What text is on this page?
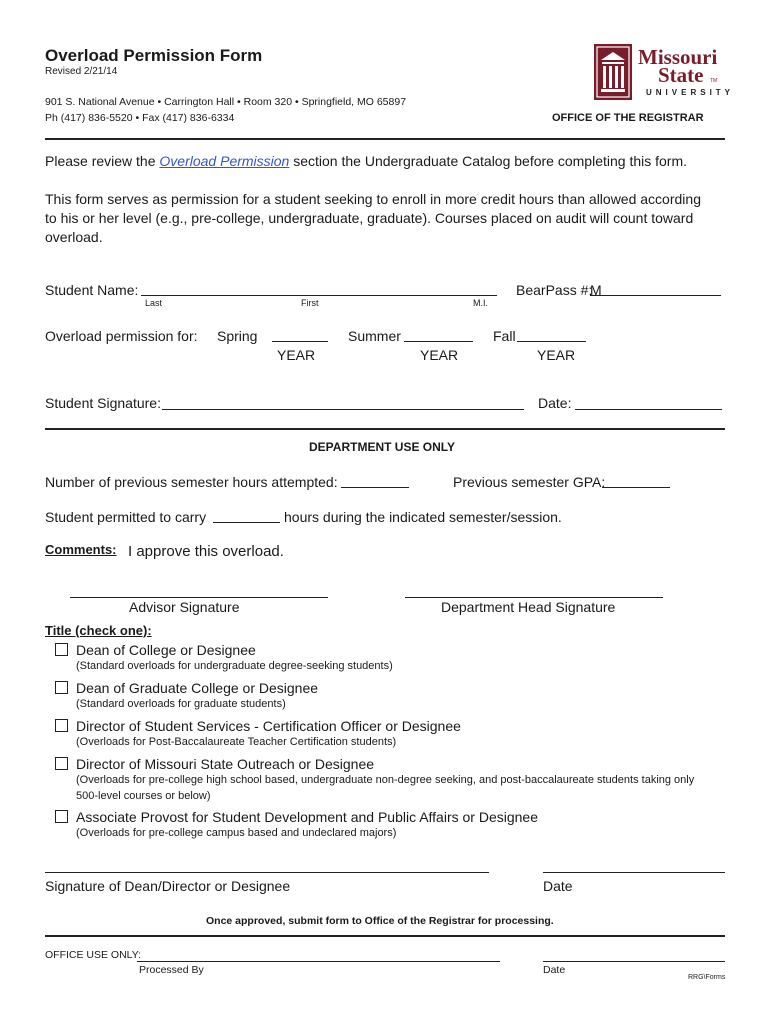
Overload Permission Form
Revised 2/21/14
901 S. National Avenue • Carrington Hall • Room 320 • Springfield, MO 65897
Ph (417) 836-5520 • Fax (417) 836-6334
Missouri
State TM
UNIVERSITY
OFFICE OF THE REGISTRAR
Please review the Overload Permission section the Undergraduate Catalog before completing this form.
This form serves as permission for a student seeking to enroll in more credit hours than allowed according
to his or her level (e.g., pre-college, undergraduate, graduate). Courses placed on audit will count toward
overload.
Student Name:
Last	First	M.I.
BearPass #:
M
Overload permission for: Spring
YEAR
Summer
YEAR
Fall
YEAR
Student Signature:	Date:
DEPARTMENT USE ONLY
Number of previous semester hours attempted:	Previous semester GPA:
Student permitted to carry	hours during the indicated semester/session.
Comments: I approve this overload.
Advisor Signature	Department Head Signature
Title (check one):
Dean of College or Designee
(Standard overloads for undergraduate degree-seeking students)
Dean of Graduate College or Designee
(Standard overloads for graduate students)
Director of Student Services - Certification Officer or Designee
(Overloads for Post-Baccalaureate Teacher Certification students)
Director of Missouri State Outreach or Designee
(Overloads for pre-college high school based, undergraduate non-degree seeking, and post-baccalaureate students taking only
500-level courses or below)
Associate Provost for Student Development and Public Affairs or Designee
(Overloads for pre-college campus based and undeclared majors)
Signature of Dean/Director or Designee	Date
Once approved, submit form to Office of the Registrar for processing.
OFFICE USE ONLY:
Processed By	Date
RRG\Forms
